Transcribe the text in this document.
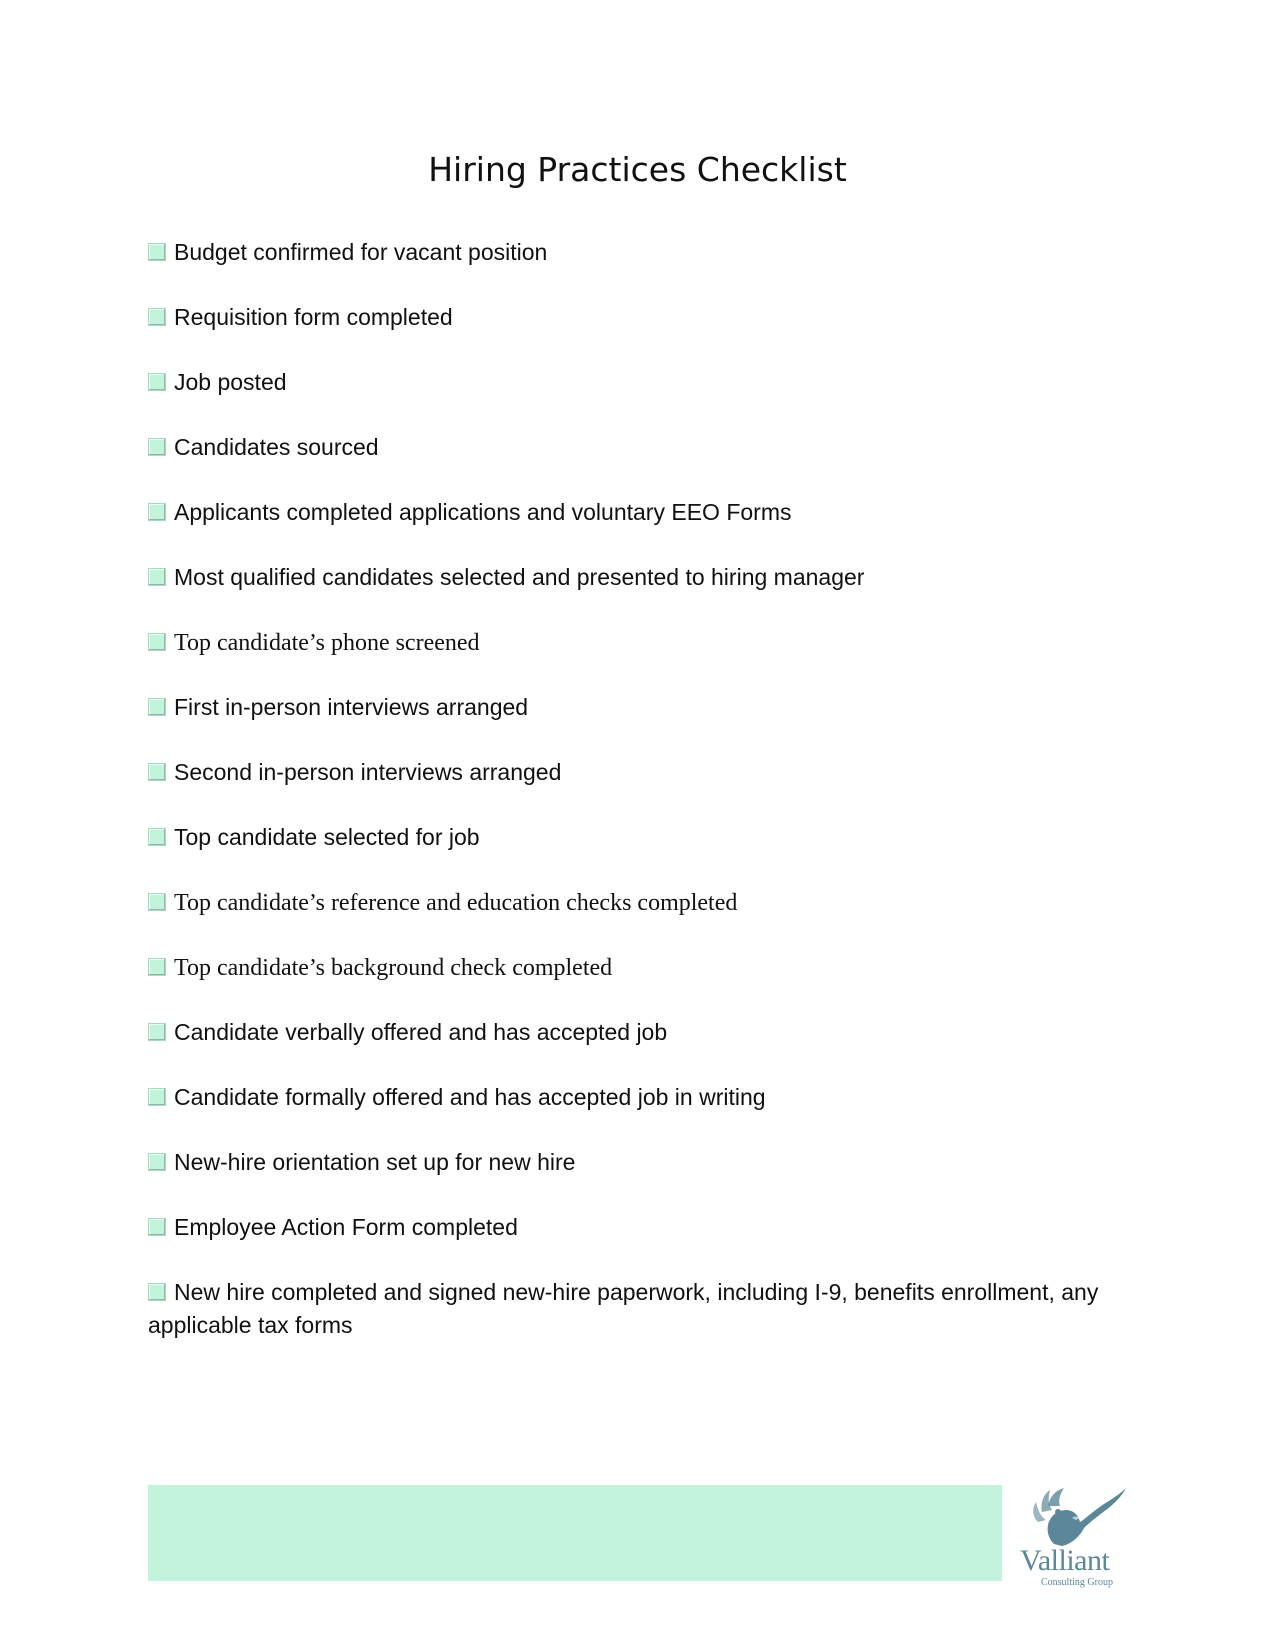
Hiring Practices Checklist
Budget confirmed for vacant position
Requisition form completed
Job posted
Candidates sourced
Applicants completed applications and voluntary EEO Forms
Most qualified candidates selected and presented to hiring manager
Top candidate’s phone screened
First in-person interviews arranged
Second in-person interviews arranged
Top candidate selected for job
Top candidate’s reference and education checks completed
Top candidate’s background check completed
Candidate verbally offered and has accepted job
Candidate formally offered and has accepted job in writing
New-hire orientation set up for new hire
Employee Action Form completed
New hire completed and signed new-hire paperwork, including I-9, benefits enrollment, any applicable tax forms
Valliant
Consulting Group
